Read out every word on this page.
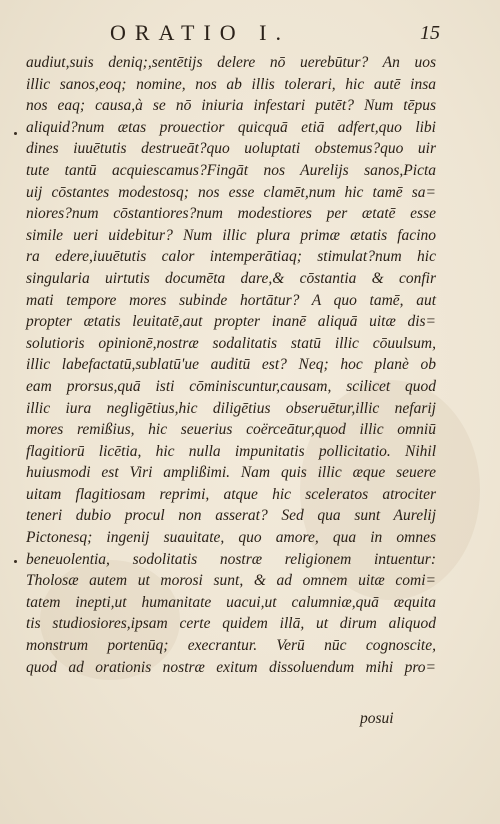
ORATIO I.	15
audiut,suis deniq;,sentētijs delere nō uerebūtur? An uos
illic sanos,eoq; nomine, nos ab illis tolerari, hic autē insa
nos eaq; causa,à se nō iniuria infestari putēt? Num tēpus
aliquid?num ætas prouectior quicquā etiā adfert,quo libi
dines iuuētutis destrueāt?quo uoluptati obstemus?quo uir
tute tantū acquiescamus?Fingāt nos Aurelijs sanos,Picta
uij cōstantes modestosq; nos esse clamēt,num hic tamē sa=
niores?num cōstantiores?num modestiores per ætatē esse
simile ueri uidebitur? Num illic plura primæ ætatis facino
ra edere,iuuētutis calor intemperātiaq; stimulat?num hic
singularia uirtutis documēta dare,& cōstantia & confir
mati tempore mores subinde hortātur? A quo tamē, aut
propter ætatis leuitatē,aut propter inanē aliquā uitæ dis=
solutioris opinionē,nostræ sodalitatis statū illic cōuulsum,
illic labefactatū,sublatū'ue auditū est? Neq; hoc planè ob
eam prorsus,quā isti cōminiscuntur,causam, scilicet quod
illic iura negligētius,hic diligētius obseruētur,illic nefarij
mores remißius, hic seuerius coërceātur,quod illic omniū
flagitiorū licētia, hic nulla impunitatis pollicitatio. Nihil
huiusmodi est Viri amplißimi. Nam quis illic æque seuere
uitam flagitiosam reprimi, atque hic sceleratos atrociter
teneri dubio procul non asserat? Sed qua sunt Aurelij
Pictonesq; ingenij suauitate, quo amore, qua in omnes
beneuolentia, sodolitatis nostræ religionem intuentur:
Tholosæ autem ut morosi sunt, & ad omnem uitæ comi=
tatem inepti,ut humanitate uacui,ut calumniæ,quā æquita
tis studiosiores,ipsam certe quidem illā, ut dirum aliquod
monstrum portenūq; execrantur. Verū nūc cognoscite,
quod ad orationis nostræ exitum dissoluendum mihi pro=
posui
